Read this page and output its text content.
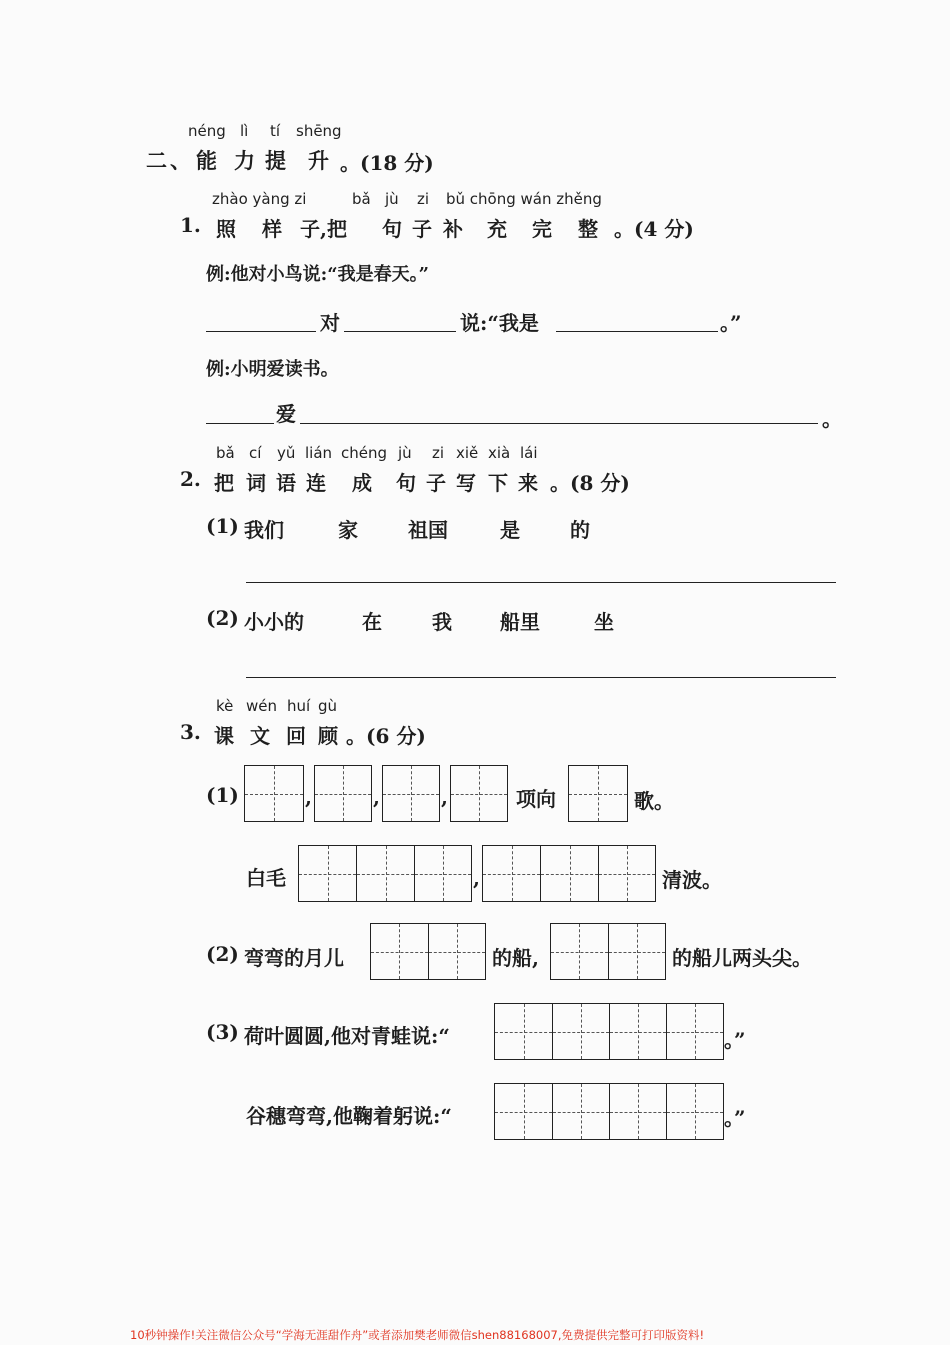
néng lì tí shēng
二、 能 力 提 升 。(18 分)
zhào yàng zi	bǎ jù zi bǔ chōng wán zhěng
1. 照 样 子 ,把 句 子 补 充 完 整 。(4 分)
例:他对小鸟说:“我是春天。”
对	说:“我是	。”
例:小明爱读书。
爱	。
bǎ cí yǔ lián chéng jù zi xiě xià lái
2. 把 词 语 连 成 句 子 写 下 来 。(8 分)
(1) 我们	家	祖国	是	的
(2) 小小的	在	我 船里	坐
kè wén huí gù
3. 课 文 回 顾 。(6 分)
(1)	,	,	,	项向	歌。
白毛	,	清波。
(2) 弯弯的月儿	的船,	的船儿两头尖。
(3) 荷叶圆圆,他对青蛙说:“	。”
谷穗弯弯,他鞠着躬说:“	。”
10秒钟操作!关注微信公众号“学海无涯甜作舟”或者添加樊老师微信shen88168007,免费提供完整可打印版资料!
